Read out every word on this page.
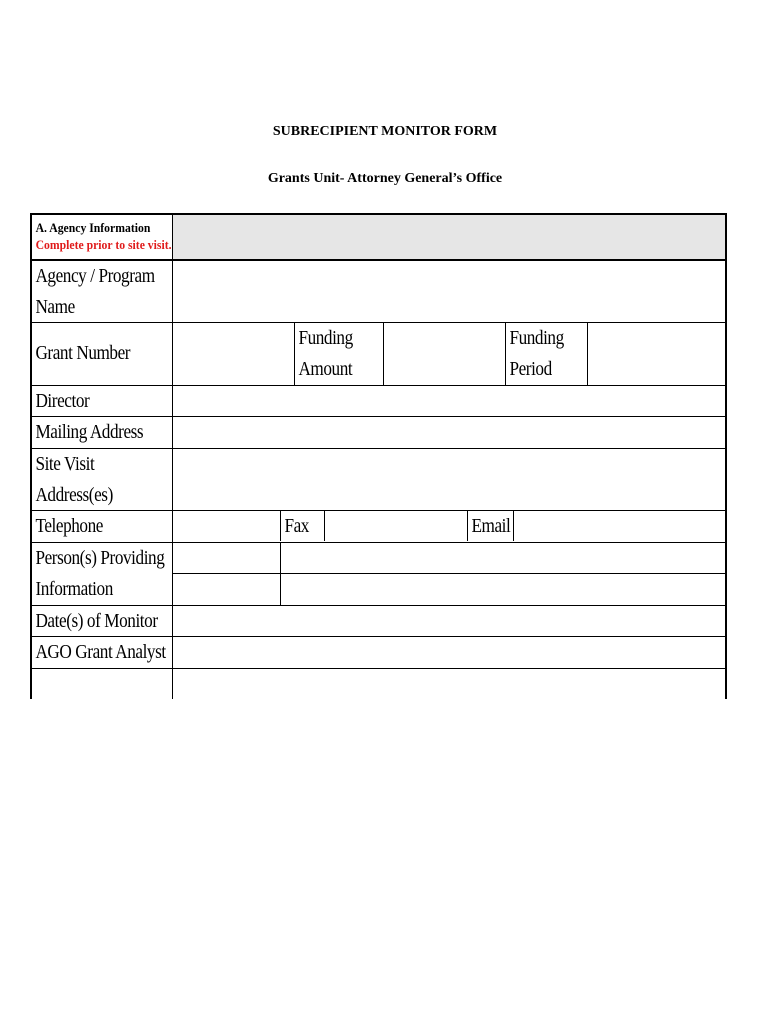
SUBRECIPIENT MONITOR FORM
Grants Unit- Attorney General’s Office
A. Agency Information
Complete prior to site visit.
Agency / Program
Name
Grant Number
Funding
Amount
Funding
Period
Director
Mailing Address
Site Visit
Address(es)
Telephone	Fax	Email
Person(s) Providing
Information
Date(s) of Monitor
AGO Grant Analyst
